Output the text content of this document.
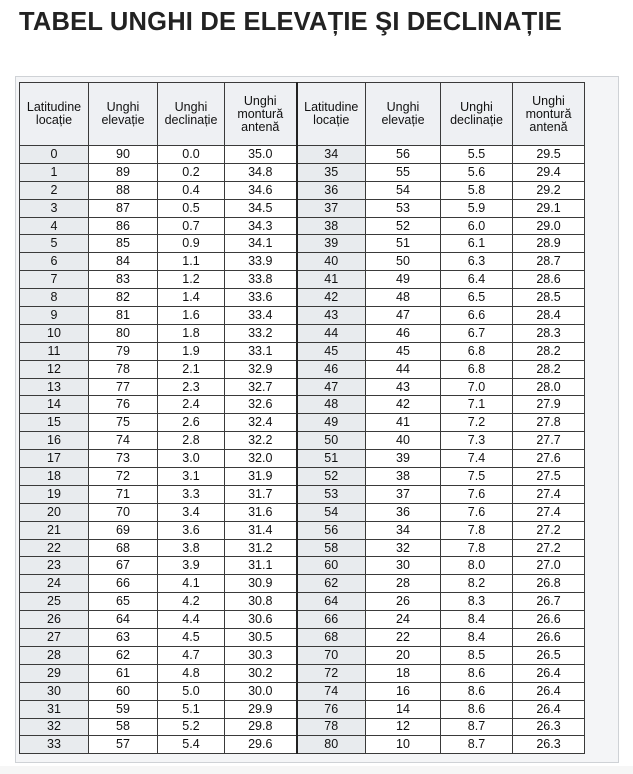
TABEL UNGHI DE ELEVAȚIE ŞI DECLINAȚIE
Latitudine locație	Unghi elevație	Unghi declinație	Unghi montură antenă	Latitudine locație	Unghi elevație	Unghi declinație	Unghi montură antenă
0	90	0.0	35.0	34	56	5.5	29.5
1	89	0.2	34.8	35	55	5.6	29.4
2	88	0.4	34.6	36	54	5.8	29.2
3	87	0.5	34.5	37	53	5.9	29.1
4	86	0.7	34.3	38	52	6.0	29.0
5	85	0.9	34.1	39	51	6.1	28.9
6	84	1.1	33.9	40	50	6.3	28.7
7	83	1.2	33.8	41	49	6.4	28.6
8	82	1.4	33.6	42	48	6.5	28.5
9	81	1.6	33.4	43	47	6.6	28.4
10	80	1.8	33.2	44	46	6.7	28.3
11	79	1.9	33.1	45	45	6.8	28.2
12	78	2.1	32.9	46	44	6.8	28.2
13	77	2.3	32.7	47	43	7.0	28.0
14	76	2.4	32.6	48	42	7.1	27.9
15	75	2.6	32.4	49	41	7.2	27.8
16	74	2.8	32.2	50	40	7.3	27.7
17	73	3.0	32.0	51	39	7.4	27.6
18	72	3.1	31.9	52	38	7.5	27.5
19	71	3.3	31.7	53	37	7.6	27.4
20	70	3.4	31.6	54	36	7.6	27.4
21	69	3.6	31.4	56	34	7.8	27.2
22	68	3.8	31.2	58	32	7.8	27.2
23	67	3.9	31.1	60	30	8.0	27.0
24	66	4.1	30.9	62	28	8.2	26.8
25	65	4.2	30.8	64	26	8.3	26.7
26	64	4.4	30.6	66	24	8.4	26.6
27	63	4.5	30.5	68	22	8.4	26.6
28	62	4.7	30.3	70	20	8.5	26.5
29	61	4.8	30.2	72	18	8.6	26.4
30	60	5.0	30.0	74	16	8.6	26.4
31	59	5.1	29.9	76	14	8.6	26.4
32	58	5.2	29.8	78	12	8.7	26.3
33	57	5.4	29.6	80	10	8.7	26.3
